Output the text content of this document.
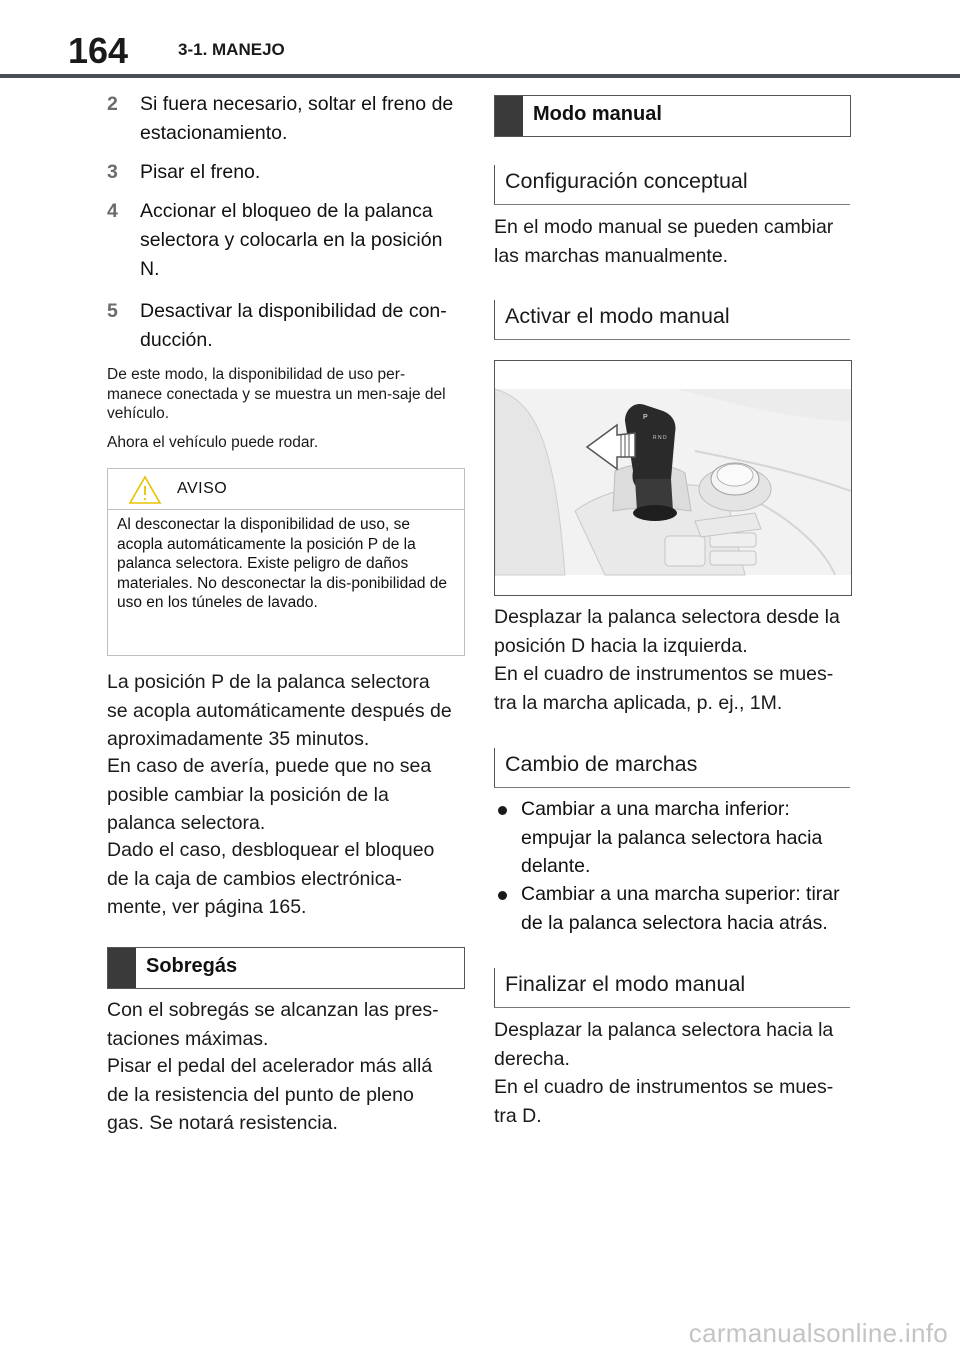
164	3-1. MANEJO
2 Si fuera necesario, soltar el freno de estacionamiento.
3 Pisar el freno.
4 Accionar el bloqueo de la palanca selectora y colocarla en la posición N.
5 Desactivar la disponibilidad de con-ducción.
De este modo, la disponibilidad de uso per-manece conectada y se muestra un men-saje del vehículo.
Ahora el vehículo puede rodar.
AVISO
Al desconectar la disponibilidad de uso, se acopla automáticamente la posición P de la palanca selectora. Existe peligro de daños materiales. No desconectar la dis-ponibilidad de uso en los túneles de lavado.
La posición P de la palanca selectora se acopla automáticamente después de aproximadamente 35 minutos.
En caso de avería, puede que no sea posible cambiar la posición de la palanca selectora.
Dado el caso, desbloquear el bloqueo de la caja de cambios electrónica-mente, ver página 165.
Sobregás
Con el sobregás se alcanzan las pres-taciones máximas.
Pisar el pedal del acelerador más allá de la resistencia del punto de pleno gas. Se notará resistencia.
Modo manual
Configuración conceptual
En el modo manual se pueden cambiar las marchas manualmente.
Activar el modo manual
P
R N D
Desplazar la palanca selectora desde la posición D hacia la izquierda.
En el cuadro de instrumentos se mues-tra la marcha aplicada, p. ej., 1M.
Cambio de marchas
Cambiar a una marcha inferior: empujar la palanca selectora hacia delante.
Cambiar a una marcha superior: tirar de la palanca selectora hacia atrás.
Finalizar el modo manual
Desplazar la palanca selectora hacia la derecha.
En el cuadro de instrumentos se mues-tra D.
carmanualsonline.info
